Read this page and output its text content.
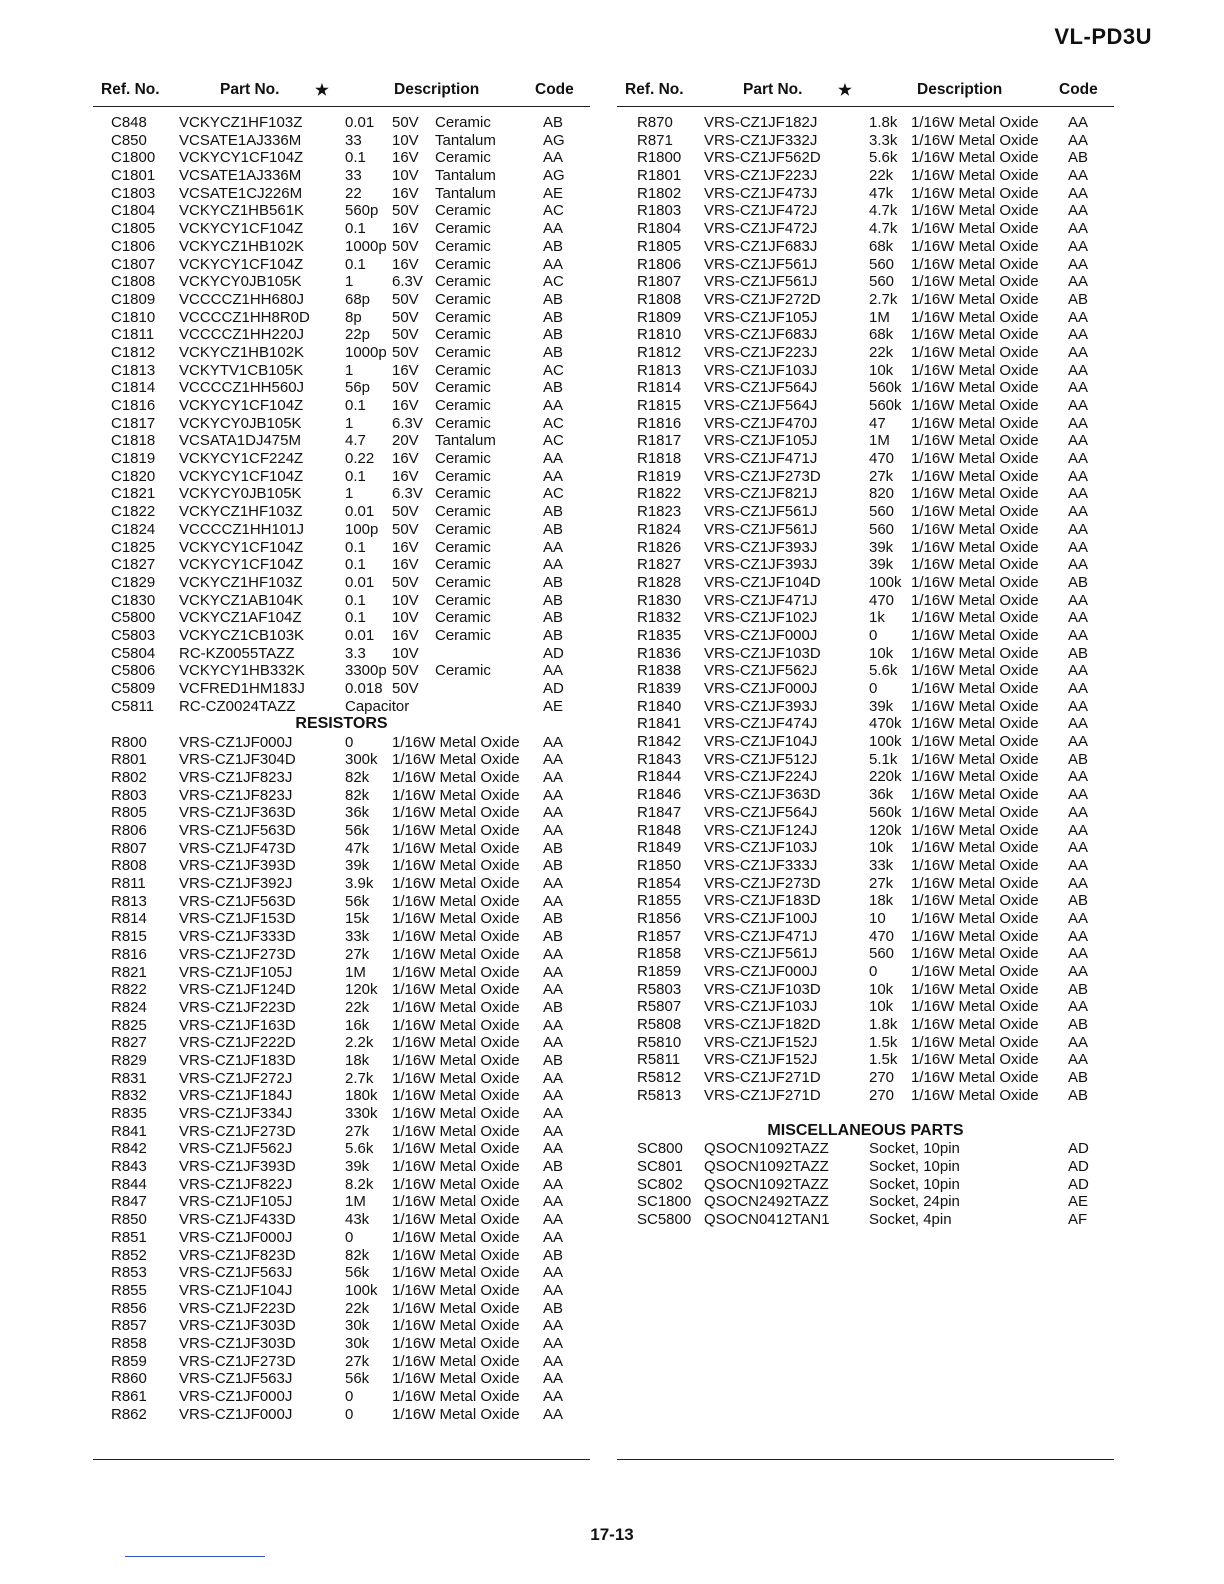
VL-PD3U
Ref. No.	Part No. ★	Description	Code
C848 VCKYCZ1HF103Z	0.01 50V Ceramic	AB
C850 VCSATE1AJ336M	33 10V Tantalum	AG
C1800 VCKYCY1CF104Z	0.1 16V Ceramic	AA
C1801 VCSATE1AJ336M	33 10V Tantalum	AG
C1803 VCSATE1CJ226M	22 16V Tantalum	AE
C1804 VCKYCZ1HB561K	560p 50V Ceramic	AC
C1805 VCKYCY1CF104Z	0.1 16V Ceramic	AA
C1806 VCKYCZ1HB102K	1000p 50V Ceramic	AB
C1807 VCKYCY1CF104Z	0.1 16V Ceramic	AA
C1808 VCKYCY0JB105K	1	6.3V Ceramic	AC
C1809 VCCCCZ1HH680J	68p 50V Ceramic	AB
C1810 VCCCCZ1HH8R0D 8p 50V Ceramic	AB
C1811 VCCCCZ1HH220J	22p 50V Ceramic	AB
C1812 VCKYCZ1HB102K	1000p 50V Ceramic	AB
C1813 VCKYTV1CB105K	1	16V Ceramic	AC
C1814 VCCCCZ1HH560J	56p 50V Ceramic	AB
C1816 VCKYCY1CF104Z	0.1 16V Ceramic	AA
C1817 VCKYCY0JB105K	1	6.3V Ceramic	AC
C1818 VCSATA1DJ475M	4.7 20V Tantalum	AC
C1819 VCKYCY1CF224Z	0.22 16V Ceramic	AA
C1820 VCKYCY1CF104Z	0.1 16V Ceramic	AA
C1821 VCKYCY0JB105K	1	6.3V Ceramic	AC
C1822 VCKYCZ1HF103Z	0.01 50V Ceramic	AB
C1824 VCCCCZ1HH101J	100p 50V Ceramic	AB
C1825 VCKYCY1CF104Z	0.1 16V Ceramic	AA
C1827 VCKYCY1CF104Z	0.1 16V Ceramic	AA
C1829 VCKYCZ1HF103Z	0.01 50V Ceramic	AB
C1830 VCKYCZ1AB104K	0.1 10V Ceramic	AB
C5800 VCKYCZ1AF104Z	0.1 10V Ceramic	AB
C5803 VCKYCZ1CB103K	0.01 16V Ceramic	AB
C5804 RC-KZ0055TAZZ	3.3 10V	AD
C5806 VCKYCY1HB332K	3300p 50V Ceramic	AA
C5809 VCFRED1HM183J	0.018 50V	AD
C5811 RC-CZ0024TAZZ	Capacitor	AE
RESISTORS
R800 VRS-CZ1JF000J	0	1/16W Metal Oxide AA
R801 VRS-CZ1JF304D	300k 1/16W Metal Oxide AA
R802 VRS-CZ1JF823J	82k 1/16W Metal Oxide AA
R803 VRS-CZ1JF823J	82k 1/16W Metal Oxide AA
R805 VRS-CZ1JF363D	36k 1/16W Metal Oxide AA
R806 VRS-CZ1JF563D	56k 1/16W Metal Oxide AA
R807 VRS-CZ1JF473D	47k 1/16W Metal Oxide AB
R808 VRS-CZ1JF393D	39k 1/16W Metal Oxide AB
R811 VRS-CZ1JF392J	3.9k 1/16W Metal Oxide AA
R813 VRS-CZ1JF563D	56k 1/16W Metal Oxide AA
R814 VRS-CZ1JF153D	15k 1/16W Metal Oxide AB
R815 VRS-CZ1JF333D	33k 1/16W Metal Oxide AB
R816 VRS-CZ1JF273D	27k 1/16W Metal Oxide AA
R821 VRS-CZ1JF105J	1M 1/16W Metal Oxide AA
R822 VRS-CZ1JF124D	120k 1/16W Metal Oxide AA
R824 VRS-CZ1JF223D	22k 1/16W Metal Oxide AB
R825 VRS-CZ1JF163D	16k 1/16W Metal Oxide AA
R827 VRS-CZ1JF222D	2.2k 1/16W Metal Oxide AA
R829 VRS-CZ1JF183D	18k 1/16W Metal Oxide AB
R831 VRS-CZ1JF272J	2.7k 1/16W Metal Oxide AA
R832 VRS-CZ1JF184J	180k 1/16W Metal Oxide AA
R835 VRS-CZ1JF334J	330k 1/16W Metal Oxide AA
R841 VRS-CZ1JF273D	27k 1/16W Metal Oxide AA
R842 VRS-CZ1JF562J	5.6k 1/16W Metal Oxide AA
R843 VRS-CZ1JF393D	39k 1/16W Metal Oxide AB
R844 VRS-CZ1JF822J	8.2k 1/16W Metal Oxide AA
R847 VRS-CZ1JF105J	1M 1/16W Metal Oxide AA
R850 VRS-CZ1JF433D	43k 1/16W Metal Oxide AA
R851 VRS-CZ1JF000J	0	1/16W Metal Oxide AA
R852 VRS-CZ1JF823D	82k 1/16W Metal Oxide AB
R853 VRS-CZ1JF563J	56k 1/16W Metal Oxide AA
R855 VRS-CZ1JF104J	100k 1/16W Metal Oxide AA
R856 VRS-CZ1JF223D	22k 1/16W Metal Oxide AB
R857 VRS-CZ1JF303D	30k 1/16W Metal Oxide AA
R858 VRS-CZ1JF303D	30k 1/16W Metal Oxide AA
R859 VRS-CZ1JF273D	27k 1/16W Metal Oxide AA
R860 VRS-CZ1JF563J	56k 1/16W Metal Oxide AA
R861 VRS-CZ1JF000J	0	1/16W Metal Oxide AA
R862 VRS-CZ1JF000J	0	1/16W Metal Oxide AA
Ref. No.	Part No. ★	Description	Code
R870 VRS-CZ1JF182J	1.8k 1/16W Metal Oxide AA
R871 VRS-CZ1JF332J	3.3k 1/16W Metal Oxide AA
R1800 VRS-CZ1JF562D	5.6k 1/16W Metal Oxide AB
R1801 VRS-CZ1JF223J	22k 1/16W Metal Oxide AA
R1802 VRS-CZ1JF473J	47k 1/16W Metal Oxide AA
R1803 VRS-CZ1JF472J	4.7k 1/16W Metal Oxide AA
R1804 VRS-CZ1JF472J	4.7k 1/16W Metal Oxide AA
R1805 VRS-CZ1JF683J	68k 1/16W Metal Oxide AA
R1806 VRS-CZ1JF561J	560 1/16W Metal Oxide AA
R1807 VRS-CZ1JF561J	560 1/16W Metal Oxide AA
R1808 VRS-CZ1JF272D	2.7k 1/16W Metal Oxide AB
R1809 VRS-CZ1JF105J	1M 1/16W Metal Oxide AA
R1810 VRS-CZ1JF683J	68k 1/16W Metal Oxide AA
R1812 VRS-CZ1JF223J	22k 1/16W Metal Oxide AA
R1813 VRS-CZ1JF103J	10k 1/16W Metal Oxide AA
R1814 VRS-CZ1JF564J	560k 1/16W Metal Oxide AA
R1815 VRS-CZ1JF564J	560k 1/16W Metal Oxide AA
R1816 VRS-CZ1JF470J	47 1/16W Metal Oxide AA
R1817 VRS-CZ1JF105J	1M 1/16W Metal Oxide AA
R1818 VRS-CZ1JF471J	470 1/16W Metal Oxide AA
R1819 VRS-CZ1JF273D	27k 1/16W Metal Oxide AA
R1822 VRS-CZ1JF821J	820 1/16W Metal Oxide AA
R1823 VRS-CZ1JF561J	560 1/16W Metal Oxide AA
R1824 VRS-CZ1JF561J	560 1/16W Metal Oxide AA
R1826 VRS-CZ1JF393J	39k 1/16W Metal Oxide AA
R1827 VRS-CZ1JF393J	39k 1/16W Metal Oxide AA
R1828 VRS-CZ1JF104D	100k 1/16W Metal Oxide AB
R1830 VRS-CZ1JF471J	470 1/16W Metal Oxide AA
R1832 VRS-CZ1JF102J	1k 1/16W Metal Oxide AA
R1835 VRS-CZ1JF000J	0 1/16W Metal Oxide AA
R1836 VRS-CZ1JF103D	10k 1/16W Metal Oxide AB
R1838 VRS-CZ1JF562J	5.6k 1/16W Metal Oxide AA
R1839 VRS-CZ1JF000J	0 1/16W Metal Oxide AA
R1840 VRS-CZ1JF393J	39k 1/16W Metal Oxide AA
R1841 VRS-CZ1JF474J	470k 1/16W Metal Oxide AA
R1842 VRS-CZ1JF104J	100k 1/16W Metal Oxide AA
R1843 VRS-CZ1JF512J	5.1k 1/16W Metal Oxide AB
R1844 VRS-CZ1JF224J	220k 1/16W Metal Oxide AA
R1846 VRS-CZ1JF363D	36k 1/16W Metal Oxide AA
R1847 VRS-CZ1JF564J	560k 1/16W Metal Oxide AA
R1848 VRS-CZ1JF124J	120k 1/16W Metal Oxide AA
R1849 VRS-CZ1JF103J	10k 1/16W Metal Oxide AA
R1850 VRS-CZ1JF333J	33k 1/16W Metal Oxide AA
R1854 VRS-CZ1JF273D	27k 1/16W Metal Oxide AA
R1855 VRS-CZ1JF183D	18k 1/16W Metal Oxide AB
R1856 VRS-CZ1JF100J	10 1/16W Metal Oxide AA
R1857 VRS-CZ1JF471J	470 1/16W Metal Oxide AA
R1858 VRS-CZ1JF561J	560 1/16W Metal Oxide AA
R1859 VRS-CZ1JF000J	0 1/16W Metal Oxide AA
R5803 VRS-CZ1JF103D	10k 1/16W Metal Oxide AB
R5807 VRS-CZ1JF103J	10k 1/16W Metal Oxide AA
R5808 VRS-CZ1JF182D	1.8k 1/16W Metal Oxide AB
R5810 VRS-CZ1JF152J	1.5k 1/16W Metal Oxide AA
R5811 VRS-CZ1JF152J	1.5k 1/16W Metal Oxide AA
R5812 VRS-CZ1JF271D	270 1/16W Metal Oxide AB
R5813 VRS-CZ1JF271D	270 1/16W Metal Oxide AB
MISCELLANEOUS PARTS
SC800 QSOCN1092TAZZ	Socket, 10pin	AD
SC801 QSOCN1092TAZZ	Socket, 10pin	AD
SC802 QSOCN1092TAZZ	Socket, 10pin	AD
SC1800 QSOCN2492TAZZ	Socket, 24pin	AE
SC5800 QSOCN0412TAN1	Socket, 4pin	AF
17-13
